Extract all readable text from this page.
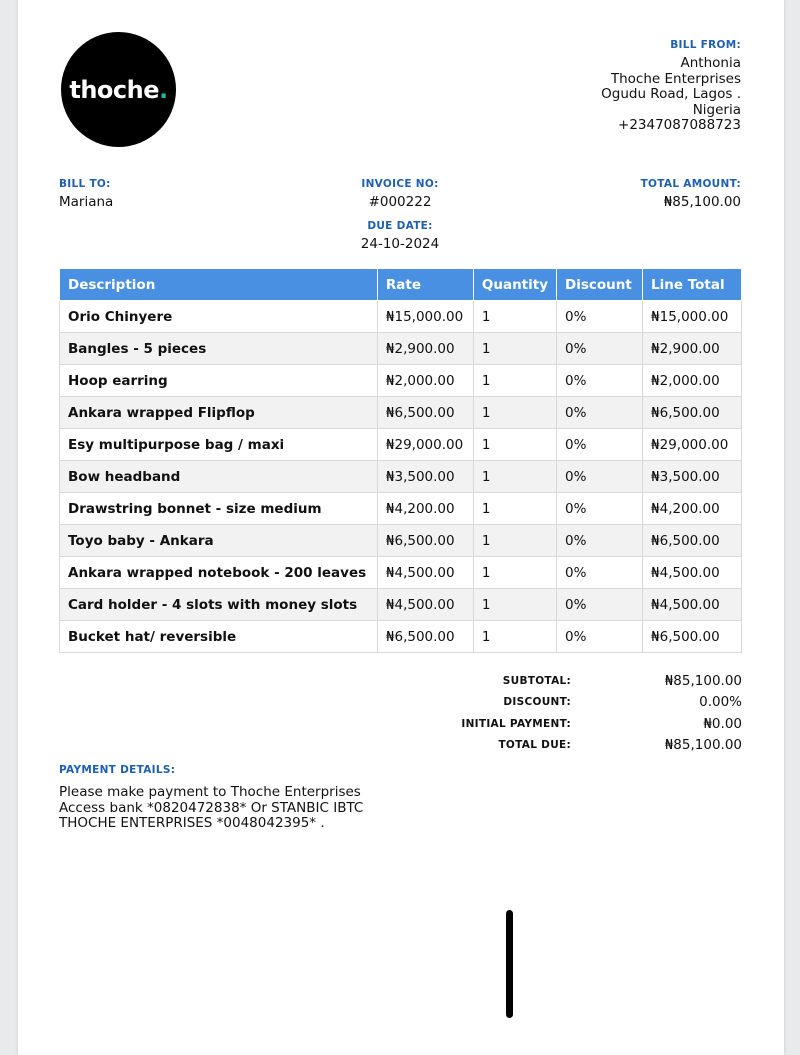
thoche.
BILL FROM:
Anthonia
Thoche Enterprises
Ogudu Road, Lagos .
Nigeria
+2347087088723
BILL TO:
Mariana
INVOICE NO:
#000222
DUE DATE:
24-10-2024
TOTAL AMOUNT:
₦85,100.00
Description	Rate	Quantity	Discount	Line Total
Orio Chinyere	₦15,000.00	1	0%	₦15,000.00
Bangles - 5 pieces	₦2,900.00	1	0%	₦2,900.00
Hoop earring	₦2,000.00	1	0%	₦2,000.00
Ankara wrapped Flipflop	₦6,500.00	1	0%	₦6,500.00
Esy multipurpose bag / maxi	₦29,000.00	1	0%	₦29,000.00
Bow headband	₦3,500.00	1	0%	₦3,500.00
Drawstring bonnet - size medium	₦4,200.00	1	0%	₦4,200.00
Toyo baby - Ankara	₦6,500.00	1	0%	₦6,500.00
Ankara wrapped notebook - 200 leaves	₦4,500.00	1	0%	₦4,500.00
Card holder - 4 slots with money slots	₦4,500.00	1	0%	₦4,500.00
Bucket hat/ reversible	₦6,500.00	1	0%	₦6,500.00
SUBTOTAL:	₦85,100.00
DISCOUNT:	0.00%
INITIAL PAYMENT:	₦0.00
TOTAL DUE:	₦85,100.00
PAYMENT DETAILS:
Please make payment to Thoche Enterprises
Access bank *0820472838* Or STANBIC IBTC
THOCHE ENTERPRISES *0048042395* .
